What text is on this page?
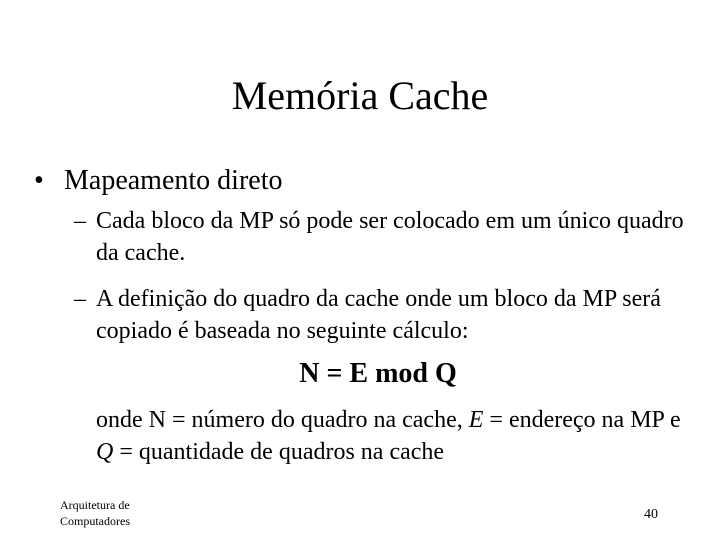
Memória Cache
• Mapeamento direto
– Cada bloco da MP só pode ser colocado em um único quadro da cache.
– A definição do quadro da cache onde um bloco da MP será copiado é baseada no seguinte cálculo:
N = E mod Q
onde N = número do quadro na cache, E = endereço na MP e Q = quantidade de quadros na cache
Arquitetura de
Computadores	40
